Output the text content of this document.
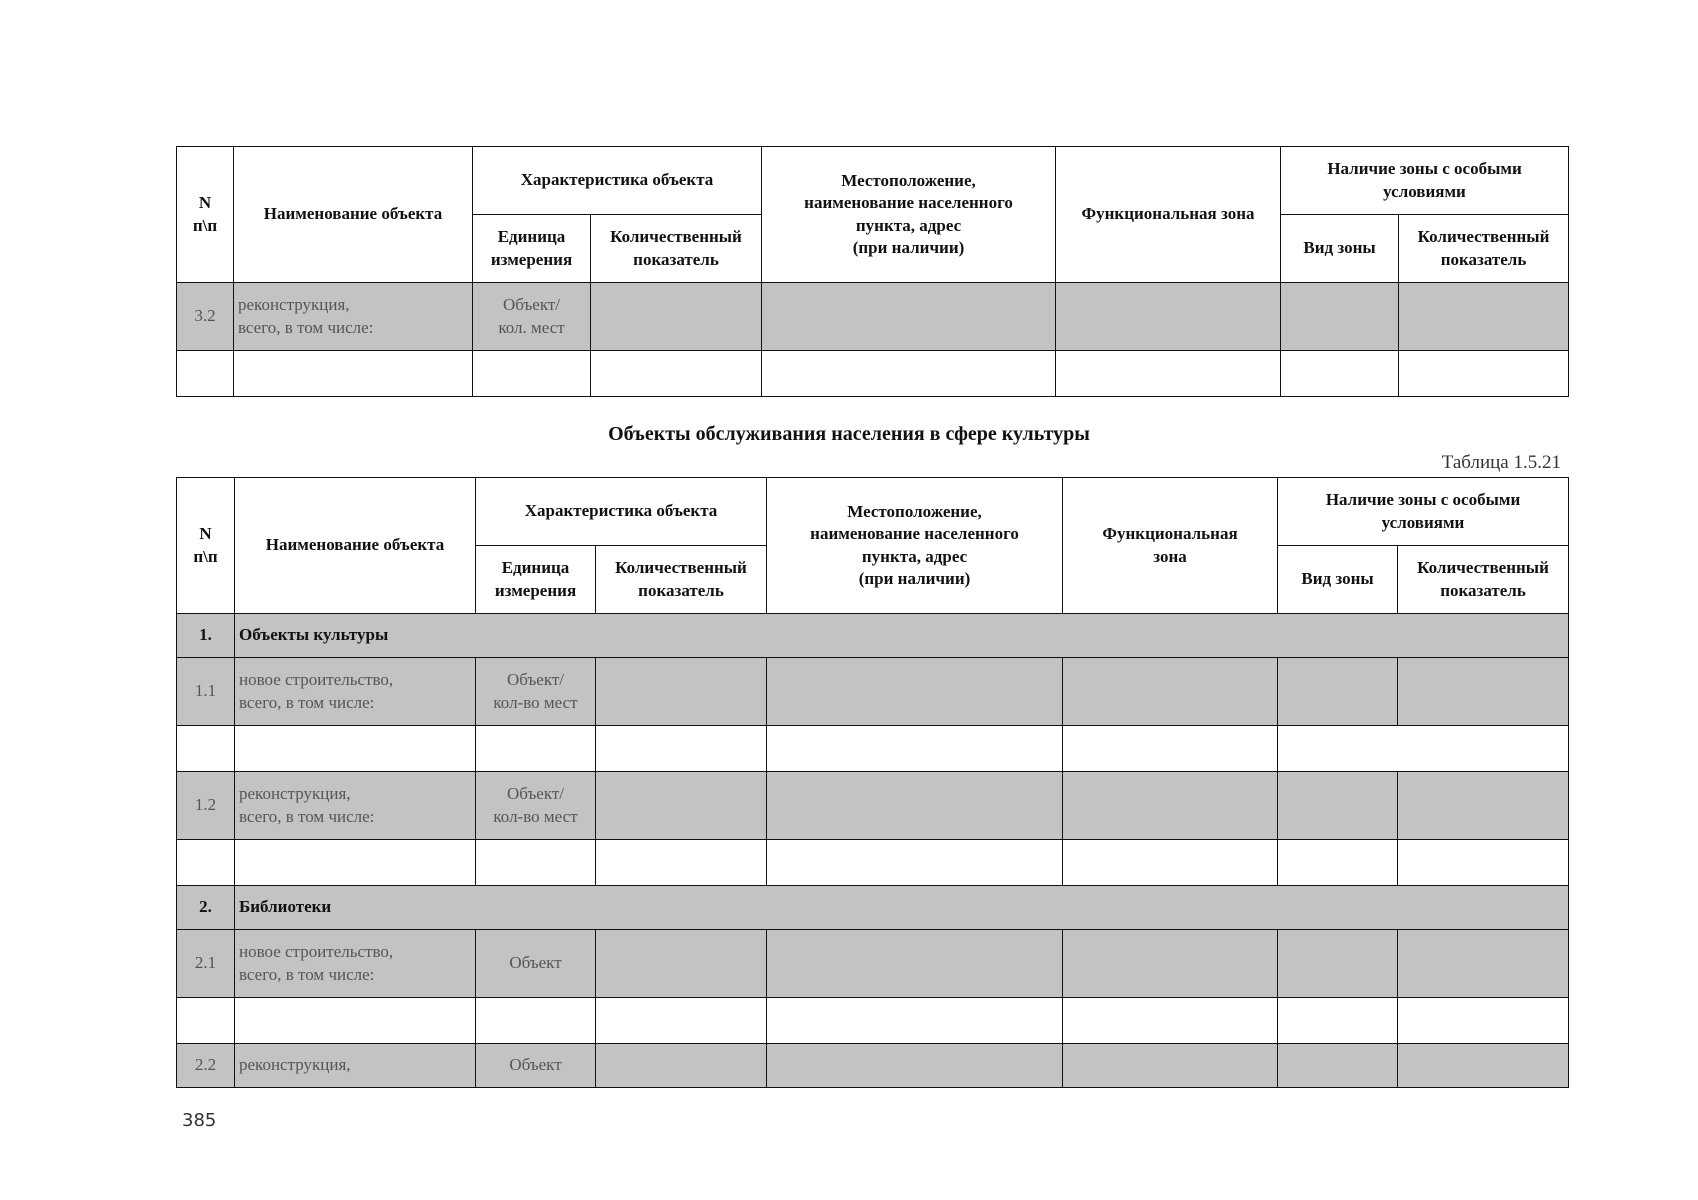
N
п\п	Наименование объекта	Характеристика объекта		Местоположение,
наименование населенного
пункта, адрес
(при наличии)	Функциональная зона	Наличие зоны с особыми
условиями	
		Единица
измерения	Количественный
показатель			Вид зоны	Количественный
показатель
3.2	реконструкция,
всего, в том числе:	Объект/
кол. мест					

Объекты обслуживания населения в сфере культуры
Таблица 1.5.21
N
п\п	Наименование объекта	Характеристика объекта		Местоположение,
наименование населенного
пункта, адрес
(при наличии)	Функциональная
зона	Наличие зоны с особыми
условиями	
		Единица
измерения	Количественный
показатель			Вид зоны	Количественный
показатель
1.	Объекты культуры						
1.1	новое строительство,
всего, в том числе:	Объект/
кол-во мест					

1.2	реконструкция,
всего, в том числе:	Объект/
кол-во мест					

2.	Библиотеки						
2.1	новое строительство,
всего, в том числе:	Объект					

2.2	реконструкция,	Объект					
385
